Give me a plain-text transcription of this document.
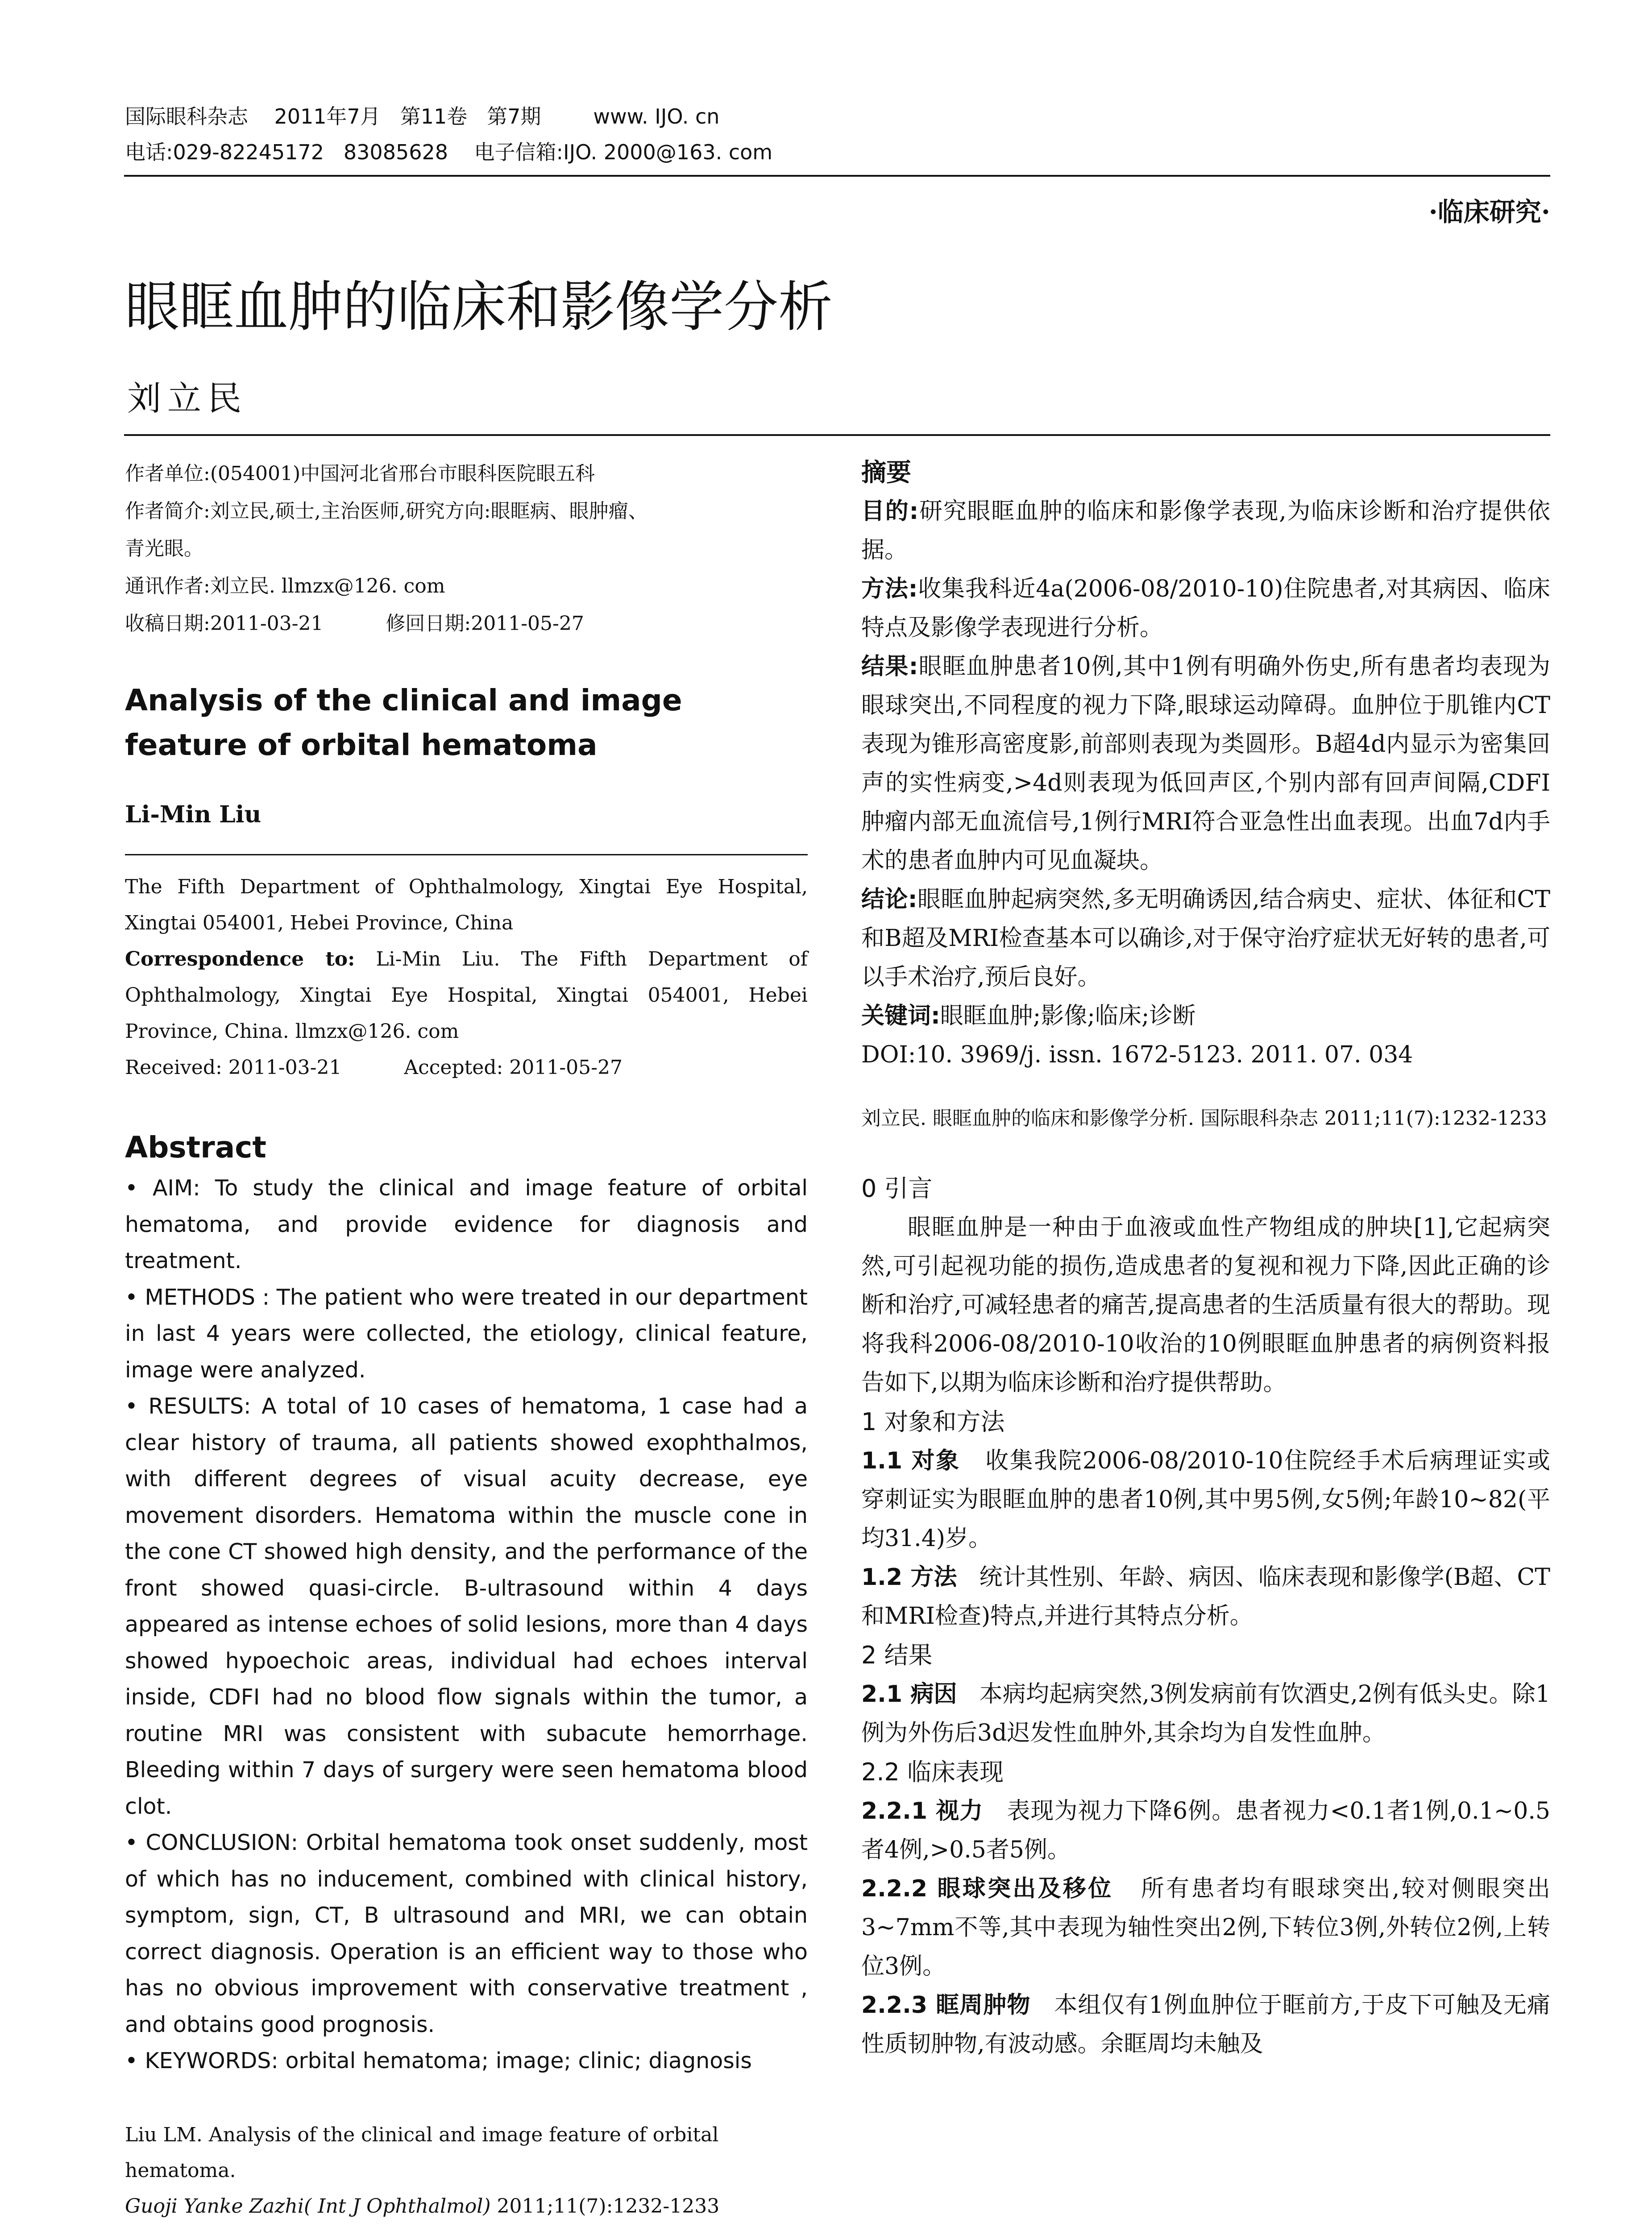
国际眼科杂志    2011年7月   第11卷   第7期        www. IJO. cn
电话:029-82245172   83085628    电子信箱:IJO. 2000@163. com
·临床研究·
眼眶血肿的临床和影像学分析
刘立民
作者单位:(054001)中国河北省邢台市眼科医院眼五科
作者简介:刘立民,硕士,主治医师,研究方向:眼眶病、眼肿瘤、
青光眼。
通讯作者:刘立民. llmzx@126. com
收稿日期:2011-03-21          修回日期:2011-05-27
Analysis of the clinical and image feature of orbital hematoma
Li-Min Liu
The Fifth Department of Ophthalmology, Xingtai Eye Hospital, Xingtai 054001, Hebei Province, China
Correspondence to: Li-Min Liu. The Fifth Department of Ophthalmology, Xingtai Eye Hospital, Xingtai 054001, Hebei Province, China. llmzx@126. com
Received: 2011-03-21          Accepted: 2011-05-27
Abstract

• AIM: To study the clinical and image feature of orbital hematoma, and provide evidence for diagnosis and treatment.

• METHODS : The patient who were treated in our department in last 4 years were collected, the etiology, clinical feature, image were analyzed.

• RESULTS: A total of 10 cases of hematoma, 1 case had a clear history of trauma, all patients showed exophthalmos, with different degrees of visual acuity decrease, eye movement disorders. Hematoma within the muscle cone in the cone CT showed high density, and the performance of the front showed quasi-circle. B-ultrasound within 4 days appeared as intense echoes of solid lesions, more than 4 days showed hypoechoic areas, individual had echoes interval inside, CDFI had no blood flow signals within the tumor, a routine MRI was consistent with subacute hemorrhage. Bleeding within 7 days of surgery were seen hematoma blood clot.

• CONCLUSION: Orbital hematoma took onset suddenly, most of which has no inducement, combined with clinical history, symptom, sign, CT, B ultrasound and MRI, we can obtain correct diagnosis. Operation is an efficient way to those who has no obvious improvement with conservative treatment , and obtains good prognosis.

• KEYWORDS: orbital hematoma; image; clinic; diagnosis

Liu LM. Analysis of the clinical and image feature of orbital hematoma.
Guoji Yanke Zazhi( Int J Ophthalmol) 2011;11(7):1232-1233
摘要

目的:研究眼眶血肿的临床和影像学表现,为临床诊断和治疗提供依据。

方法:收集我科近4a(2006-08/2010-10)住院患者,对其病因、临床特点及影像学表现进行分析。

结果:眼眶血肿患者10例,其中1例有明确外伤史,所有患者均表现为眼球突出,不同程度的视力下降,眼球运动障碍。血肿位于肌锥内CT表现为锥形高密度影,前部则表现为类圆形。B超4d内显示为密集回声的实性病变,>4d则表现为低回声区,个别内部有回声间隔,CDFI肿瘤内部无血流信号,1例行MRI符合亚急性出血表现。出血7d内手术的患者血肿内可见血凝块。

结论:眼眶血肿起病突然,多无明确诱因,结合病史、症状、体征和CT和B超及MRI检查基本可以确诊,对于保守治疗症状无好转的患者,可以手术治疗,预后良好。

关键词:眼眶血肿;影像;临床;诊断

DOI:10. 3969/j. issn. 1672-5123. 2011. 07. 034

刘立民. 眼眶血肿的临床和影像学分析. 国际眼科杂志 2011;11(7):1232-1233

0 引言

眼眶血肿是一种由于血液或血性产物组成的肿块[1],它起病突然,可引起视功能的损伤,造成患者的复视和视力下降,因此正确的诊断和治疗,可减轻患者的痛苦,提高患者的生活质量有很大的帮助。现将我科2006-08/2010-10收治的10例眼眶血肿患者的病例资料报告如下,以期为临床诊断和治疗提供帮助。

1 对象和方法

1.1 对象 收集我院2006-08/2010-10住院经手术后病理证实或穿刺证实为眼眶血肿的患者10例,其中男5例,女5例;年龄10~82(平均31.4)岁。

1.2 方法 统计其性别、年龄、病因、临床表现和影像学(B超、CT和MRI检查)特点,并进行其特点分析。

2 结果

2.1 病因 本病均起病突然,3例发病前有饮酒史,2例有低头史。除1例为外伤后3d迟发性血肿外,其余均为自发性血肿。

2.2 临床表现

2.2.1 视力 表现为视力下降6例。患者视力<0.1者1例,0.1~0.5者4例,>0.5者5例。

2.2.2 眼球突出及移位 所有患者均有眼球突出,较对侧眼突出3~7mm不等,其中表现为轴性突出2例,下转位3例,外转位2例,上转位3例。

2.2.3 眶周肿物 本组仅有1例血肿位于眶前方,于皮下可触及无痛性质韧肿物,有波动感。余眶周均未触及
